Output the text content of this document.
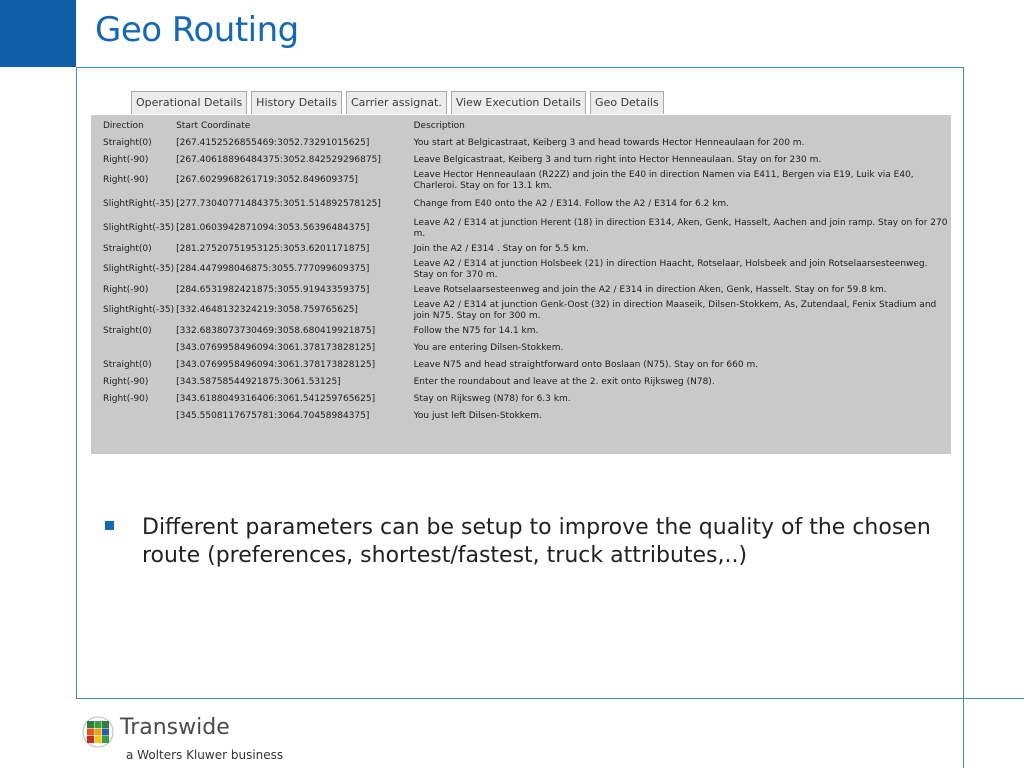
Geo Routing
Operational Details	History Details	Carrier assignat.	View Execution Details	Geo Details
Direction	Start Coordinate	Description
Straight(0)	[267.4152526855469:3052.73291015625]	You start at Belgicastraat, Keiberg 3 and head towards Hector Henneaulaan for 200 m.
Right(-90)	[267.40618896484375:3052.842529296875]	Leave Belgicastraat, Keiberg 3 and turn right into Hector Henneaulaan. Stay on for 230 m.
Right(-90)	[267.6029968261719:3052.849609375]	Leave Hector Henneaulaan (R22Z) and join the E40 in direction Namen via E411, Bergen via E19, Luik via E40, Charleroi. Stay on for 13.1 km.
SlightRight(-35)	[277.73040771484375:3051.514892578125]	Change from E40 onto the A2 / E314. Follow the A2 / E314 for 6.2 km.
SlightRight(-35)	[281.0603942871094:3053.56396484375]	Leave A2 / E314 at junction Herent (18) in direction E314, Aken, Genk, Hasselt, Aachen and join ramp. Stay on for 270 m.
Straight(0)	[281.27520751953125:3053.6201171875]	Join the A2 / E314 . Stay on for 5.5 km.
SlightRight(-35)	[284.447998046875:3055.777099609375]	Leave A2 / E314 at junction Holsbeek (21) in direction Haacht, Rotselaar, Holsbeek and join Rotselaarsesteenweg. Stay on for 370 m.
Right(-90)	[284.6531982421875:3055.91943359375]	Leave Rotselaarsesteenweg and join the A2 / E314 in direction Aken, Genk, Hasselt. Stay on for 59.8 km.
SlightRight(-35)	[332.4648132324219:3058.759765625]	Leave A2 / E314 at junction Genk-Oost (32) in direction Maaseik, Dilsen-Stokkem, As, Zutendaal, Fenix Stadium and join N75. Stay on for 300 m.
Straight(0)	[332.6838073730469:3058.680419921875]	Follow the N75 for 14.1 km.
	[343.0769958496094:3061.378173828125]	You are entering Dilsen-Stokkem.
Straight(0)	[343.0769958496094:3061.378173828125]	Leave N75 and head straightforward onto Boslaan (N75). Stay on for 660 m.
Right(-90)	[343.58758544921875:3061.53125]	Enter the roundabout and leave at the 2. exit onto Rijksweg (N78).
Right(-90)	[343.6188049316406:3061.541259765625]	Stay on Rijksweg (N78) for 6.3 km.
	[345.5508117675781:3064.70458984375]	You just left Dilsen-Stokkem.

Different parameters can be setup to improve the quality of the chosen route (preferences, shortest/fastest, truck attributes,..)

Transwide
a Wolters Kluwer business
